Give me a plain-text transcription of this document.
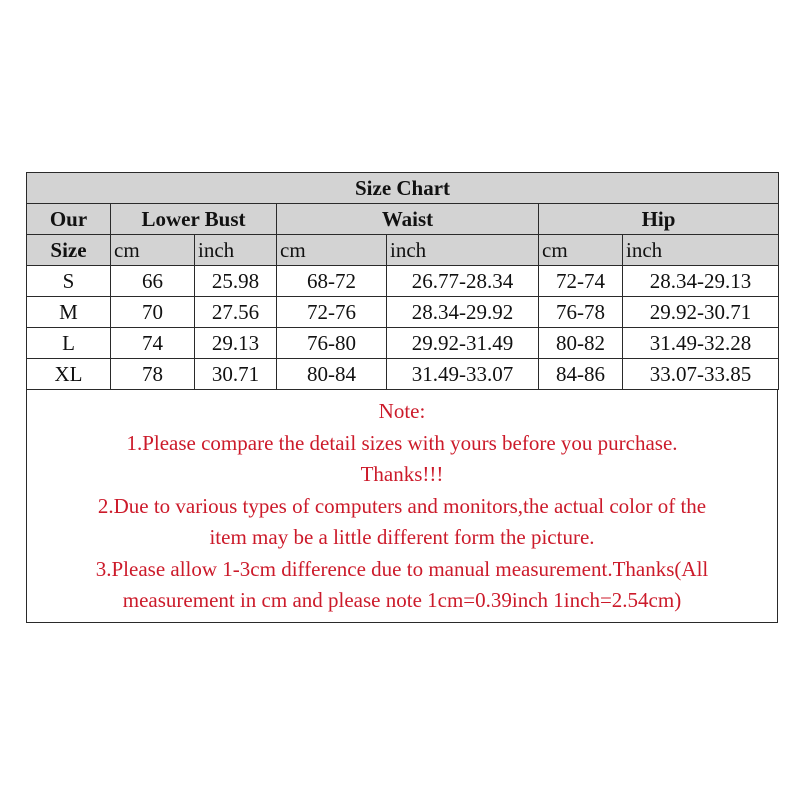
Size Chart						
Our	Lower Bust		Waist		Hip	
Size	cm	inch	cm	inch	cm	inch
S	66	25.98	68-72	26.77-28.34	72-74	28.34-29.13
M	70	27.56	72-76	28.34-29.92	76-78	29.92-30.71
L	74	29.13	76-80	29.92-31.49	80-82	31.49-32.28
XL	78	30.71	80-84	31.49-33.07	84-86	33.07-33.85
Note:
1.Please compare the detail sizes with yours before you purchase.
Thanks!!!
2.Due to various types of computers and monitors,the actual color of the
item may be a little different form the picture.
3.Please allow 1-3cm difference due to manual measurement.Thanks(All
measurement in cm and please note 1cm=0.39inch 1inch=2.54cm)
